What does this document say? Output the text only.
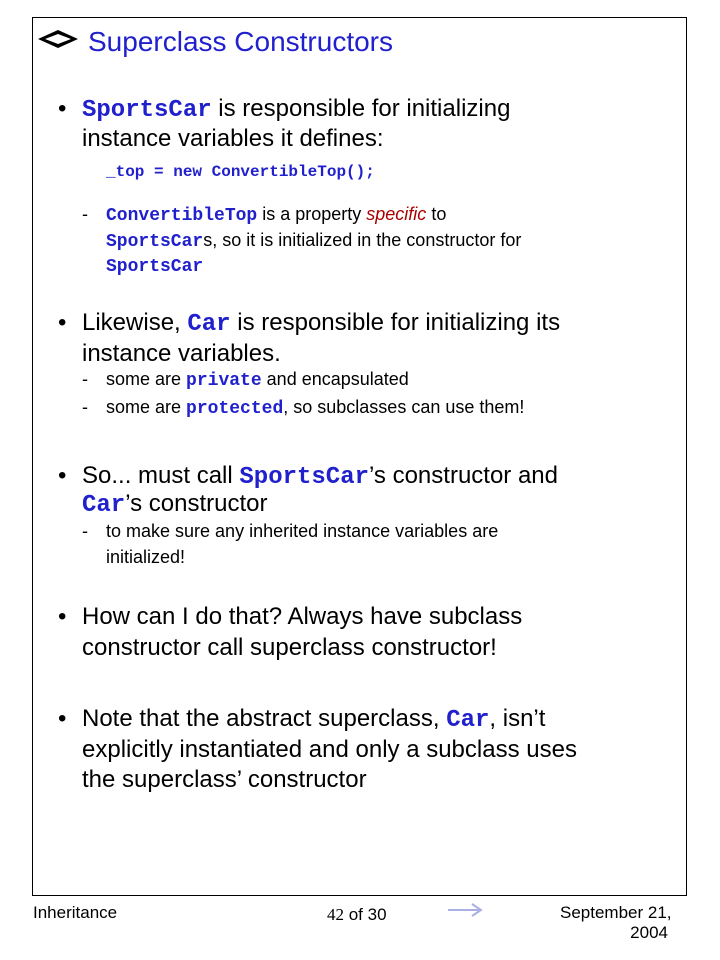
Superclass Constructors
• SportsCar is responsible for initializing
instance variables it defines:
_top = new ConvertibleTop();
- ConvertibleTop is a property specific to
SportsCars, so it is initialized in the constructor for
SportsCar
• Likewise, Car is responsible for initializing its
instance variables.
- some are private and encapsulated
- some are protected, so subclasses can use them!
• So... must call SportsCar’s constructor and
Car’s constructor
- to make sure any inherited instance variables are
initialized!
• How can I do that? Always have subclass
constructor call superclass constructor!
• Note that the abstract superclass, Car, isn’t
explicitly instantiated and only a subclass uses
the superclass’ constructor
Inheritance	42 of 30	September 21,
2004
